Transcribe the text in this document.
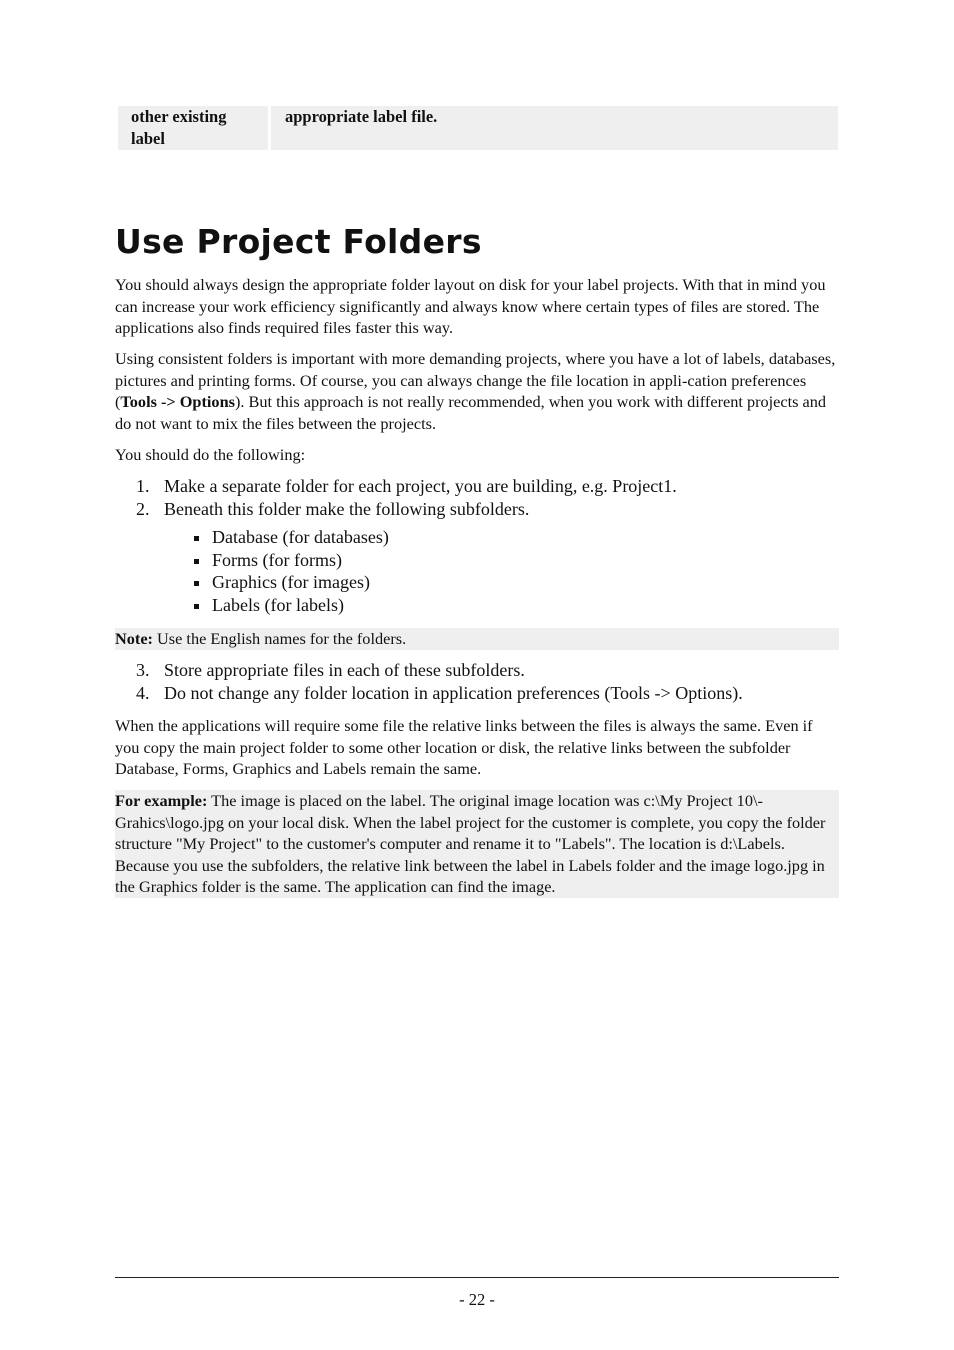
other existing label
appropriate label file.
Use Project Folders

You should always design the appropriate folder layout on disk for your label projects. With that in mind you can increase your work efficiency significantly and always know where certain types of files are stored. The applications also finds required files faster this way.

Using consistent folders is important with more demanding projects, where you have a lot of labels, databases, pictures and printing forms. Of course, you can always change the file location in appli-cation preferences (Tools -> Options). But this approach is not really recommended, when you work with different projects and do not want to mix the files between the projects.

You should do the following:

1. Make a separate folder for each project, you are building, e.g. Project1.
2. Beneath this folder make the following subfolders.
Database (for databases)
Forms (for forms)
Graphics (for images)
Labels (for labels)
Note: Use the English names for the folders.
3. Store appropriate files in each of these subfolders.
4. Do not change any folder location in application preferences (Tools -> Options).

When the applications will require some file the relative links between the files is always the same. Even if you copy the main project folder to some other location or disk, the relative links between the subfolder Database, Forms, Graphics and Labels remain the same.

For example: The image is placed on the label. The original image location was c:\My Project 10\-Grahics\logo.jpg on your local disk. When the label project for the customer is complete, you copy the folder structure "My Project" to the customer's computer and rename it to "Labels". The location is d:\Labels. Because you use the subfolders, the relative link between the label in Labels folder and the image logo.jpg in the Graphics folder is the same. The application can find the image.
- 22 -
